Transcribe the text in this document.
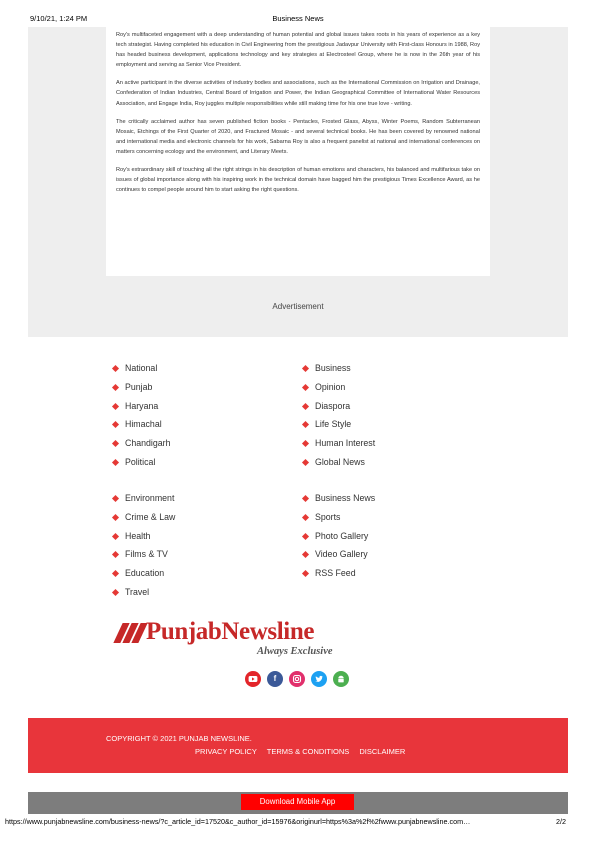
9/10/21, 1:24 PM	Business News

Roy's multifaceted engagement with a deep understanding of human potential and global issues takes roots in his years of experience as a key tech strategist. Having completed his education in Civil Engineering from the prestigious Jadavpur University with First-class Honours in 1988, Roy has headed business development, applications technology and key strategies at Electrosteel Group, where he is now in the 26th year of his employment and serving as Senior Vice President.

An active participant in the diverse activities of industry bodies and associations, such as the International Commission on Irrigation and Drainage, Confederation of Indian Industries, Central Board of Irrigation and Power, the Indian Geographical Committee of International Water Resources Association, and Engage India, Roy juggles multiple responsibilities while still making time for his one true love - writing.

The critically acclaimed author has seven published fiction books - Pentacles, Frosted Glass, Abyss, Winter Poems, Random Subterranean Mosaic, Etchings of the First Quarter of 2020, and Fractured Mosaic - and several technical books. He has been covered by renowned national and international media and electronic channels for his work, Sabarna Roy is also a frequent panelist at national and international conferences on matters concerning ecology and the environment, and Literary Meets.

Roy's extraordinary skill of touching all the right strings in his description of human emotions and characters, his balanced and multifarious take on issues of global importance along with his inspiring work in the technical domain have bagged him the prestigious Times Excellence Award, as he continues to compel people around him to start asking the right questions.

Advertisement
National
Punjab
Haryana
Himachal
Chandigarh
Political
Business
Opinion
Diaspora
Life Style
Human Interest
Global News
Environment
Crime & Law
Health
Films & TV
Education
Travel
Business News
Sports
Photo Gallery
Video Gallery
RSS Feed
PunjabNewsline
Always Exclusive
f
COPYRIGHT © 2021 PUNJAB NEWSLINE.
PRIVACY POLICY TERMS & CONDITIONS DISCLAIMER
Download Mobile App
https://www.punjabnewsline.com/business-news/?c_article_id=17520&c_author_id=15976&originurl=https%3a%2f%2fwww.punjabnewsline.com…	2/2
